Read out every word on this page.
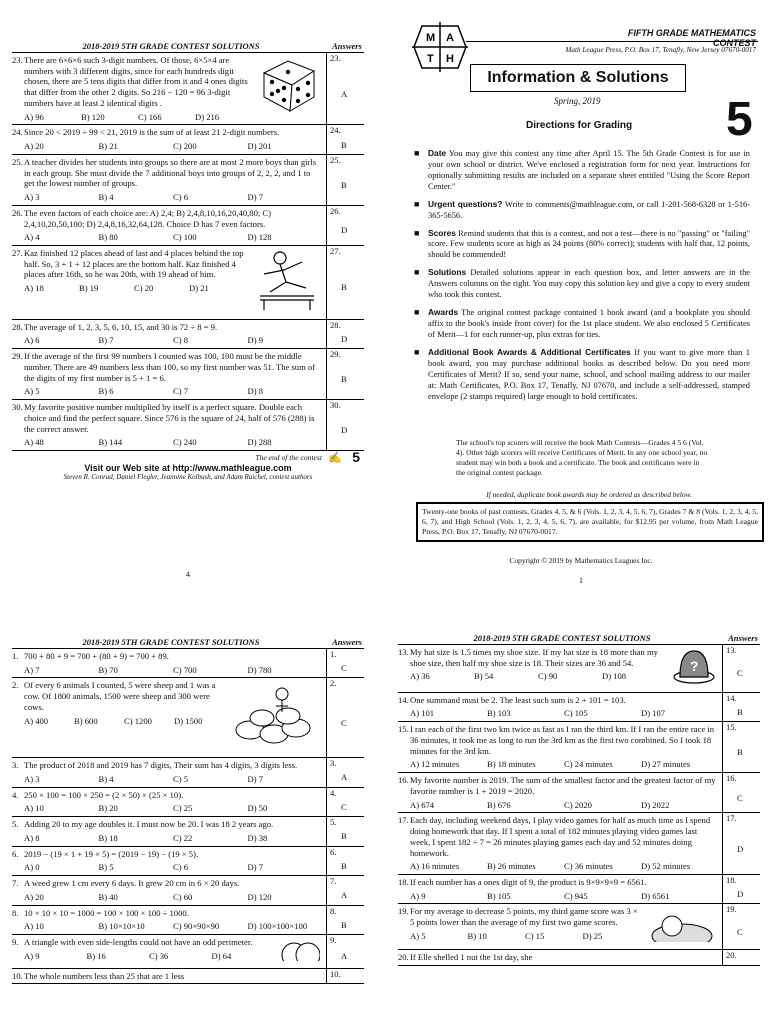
2018-2019 5TH GRADE CONTEST SOLUTIONS	Answers
23. There are 6×6×6 such 3-digit numbers. Of those, 6×5×4 are numbers with 3 different digits, since for each hundreds digit chosen, there are 5 tens digits that differ from it and 4 ones digits that differ from the other 2 digits. So 216 − 120 = 96 3-digit numbers have at least 2 identical digits .
A) 96	B) 120	C) 166	D) 216
23.
A
24. Since 20 < 2019 ÷ 99 < 21, 2019 is the sum of at least 21 2-digit numbers.
A) 20	B) 21	C) 200	D) 201
24.
B
25. A teacher divides her students into groups so there are at most 2 more boys than girls in each group. She must divide the 7 additional boys into groups of 2, 2, 2, and 1 to get the lowest number of groups.
A) 3	B) 4	C) 6	D) 7
25.
B
26. The even factors of each choice are: A) 2,4; B) 2,4,8,10,16,20,40,80; C) 2,4,10,20,50,100; D) 2,4,8,16,32,64,128. Choice D has 7 even factors.
A) 4	B) 80	C) 100	D) 128
26.
D
27. Kaz finished 12 places ahead of last and 4 places behind the top half. So, 3 + 1 + 12 places are the bottom half. Kaz finished 4 places after 16th, so he was 20th, with 19 ahead of him.
A) 18	B) 19	C) 20	D) 21
27.
B
28. The average of 1, 2, 3, 5, 6, 10, 15, and 30 is 72 ÷ 8 = 9.
A) 6	B) 7	C) 8	D) 9
28.
D
29. If the average of the first 99 numbers I counted was 100, 100 must be the middle number. There are 49 numbers less than 100, so my first number was 51. The sum of the digits of my first number is 5 + 1 = 6.
A) 5	B) 6	C) 7	D) 8
29.
B
30. My favorite positive number multiplied by itself is a perfect square. Double each choice and find the perfect square. Since 576 is the square of 24, half of 576 (288) is the correct answer.
A) 48	B) 144	C) 240	D) 288
30.
D
The end of the contest ✍ 5
Visit our Web site at http://www.mathleague.com
Steven R. Conrad, Daniel Flegler, Jeannine Kolbush, and Adam Raichel, contest authors
4
M A
T H
FIFTH GRADE MATHEMATICS CONTEST
Math League Press, P.O. Box 17, Tenafly, New Jersey 07670-0017
Information & Solutions
Spring, 2019
Directions for Grading 5
■	Date You may give this contest any time after April 15. The 5th Grade Contest is for use in your own school or district. We've enclosed a registration form for next year. Instructions for optionally submitting results are included on a separate sheet entitled "Using the Score Report Center."
■	Urgent questions? Write to comments@mathleague.com, or call 1-201-568-6328 or 1-516-365-5656.
■	Scores Remind students that this is a contest, and not a test—there is no "passing" or "failing" score. Few students score as high as 24 points (80% correct); students with half that, 12 points, should be commended!
■	Solutions Detailed solutions appear in each question box, and letter answers are in the Answers columns on the right. You may copy this solution key and give a copy to every student who took this contest.
■	Awards The original contest package contained 1 book award (and a bookplate you should affix to the book's inside front cover) for the 1st place student. We also enclosed 5 Certificates of Merit—1 for each runner-up, plus extras for ties.
■	Additional Book Awards & Additional Certificates If you want to give more than 1 book award, you may purchase additional books as described below. Do you need more Certificates of Merit? If so, send your name, school, and school mailing address to our mailer at: Math Certificates, P.O. Box 17, Tenafly, NJ 07670, and include a self-addressed, stamped envelope (2 stamps required) large enough to hold certificates.
The school's top scorers will receive the book Math Contests—Grades 4 5 6 (Vol. 4). Other high scorers will receive Certificates of Merit. In any one school year, no student may win both a book and a certificate. The book and certificates were in the original contest package.
If needed, duplicate book awards may be ordered as described below.
Twenty-one books of past contests, Grades 4, 5, & 6 (Vols. 1, 2, 3, 4, 5, 6, 7), Grades 7 & 8 (Vols. 1, 2, 3, 4, 5, 6, 7), and High School (Vols. 1, 2, 3, 4, 5, 6, 7), are available, for $12.95 per volume, from Math League Press, P.O. Box 17, Tenafly, NJ 07670-0017.
Copyright © 2019 by Mathematics Leagues Inc.
1
2018-2019 5TH GRADE CONTEST SOLUTIONS	Answers
1. 700 + 80 + 9 = 700 + (80 + 9) = 700 + 89.
A) 7	B) 70	C) 700	D) 780
1.
C
2. Of every 6 animals I counted, 5 were sheep and 1 was a cow. Of 1800 animals, 1500 were sheep and 300 were cows.
A) 400	B) 600	C) 1200	D) 1500
2.
C
3. The product of 2018 and 2019 has 7 digits, Their sum has 4 digits, 3 digits less.
A) 3	B) 4	C) 5	D) 7
3.
A
4. 250 × 100 = 100 × 250 = (2 × 50) × (25 × 10).
A) 10	B) 20	C) 25	D) 50
4.
C
5. Adding 20 to my age doubles it. I must now be 20. I was 18 2 years ago.
A) 8	B) 18	C) 22	D) 38
5.
B
6. 2019 − (19 × 1 + 19 × 5) = (2019 − 19) − (19 × 5).
A) 0	B) 5	C) 6	D) 7
6.
B
7. A weed grew 1 cm every 6 days. It grew 20 cm in 6 × 20 days.
A) 20	B) 40	C) 60	D) 120
7.
A
8. 10 × 10 × 10 = 1000 = 100 × 100 × 100 ÷ 1000.
A) 10	B) 10×10×10	C) 90×90×90	D) 100×100×100
8.
B
9. A triangle with even side-lengths could not have an odd perimeter.
A) 9	B) 16	C) 36	D) 64
9.
A
10. The whole numbers less than 25 that are 1 less	10.
2018-2019 5TH GRADE CONTEST SOLUTIONS	Answers
?
13. My hat size is 1.5 times my shoe size. If my hat size is 18 more than my shoe size, then half my shoe size is 18. Their sizes are 36 and 54.
A) 36	B) 54	C) 90	D) 108
13.
C
14. One summand must be 2. The least such sum is 2 + 101 = 103.
A) 101	B) 103	C) 105	D) 107
14.
B
15. I ran each of the first two km twice as fast as I ran the third km. If I ran the entire race in 36 minutes, it took me as long to run the 3rd km as the first two combined. So I took 18 minutes for the 3rd km.
A) 12 minutes	B) 18 minutes	C) 24 minutes	D) 27 minutes
15.
B
16. My favorite number is 2019. The sum of the smallest factor and the greatest factor of my favorite number is 1 + 2019 = 2020.
A) 674	B) 676	C) 2020	D) 2022
16.
C
17. Each day, including weekend days, I play video games for half as much time as I spend doing homework that day. If I spent a total of 182 minutes playing video games last week, I spent 182 ÷ 7 = 26 minutes playing games each day and 52 minutes doing homework.
A) 16 minutes	B) 26 minutes	C) 36 minutes	D) 52 minutes
17.
D
18. If each number has a ones digit of 9, the product is 9×9×9×9 = 6561.
A) 9	B) 105	C) 945	D) 6561
18.
D
19. For my average to decrease 5 points, my third game score was 3 × 5 points lower than the average of my first two game scores.
A) 5	B) 10	C) 15	D) 25
19.
C
20. If Elle shelled 1 nut the 1st day, she	20.
